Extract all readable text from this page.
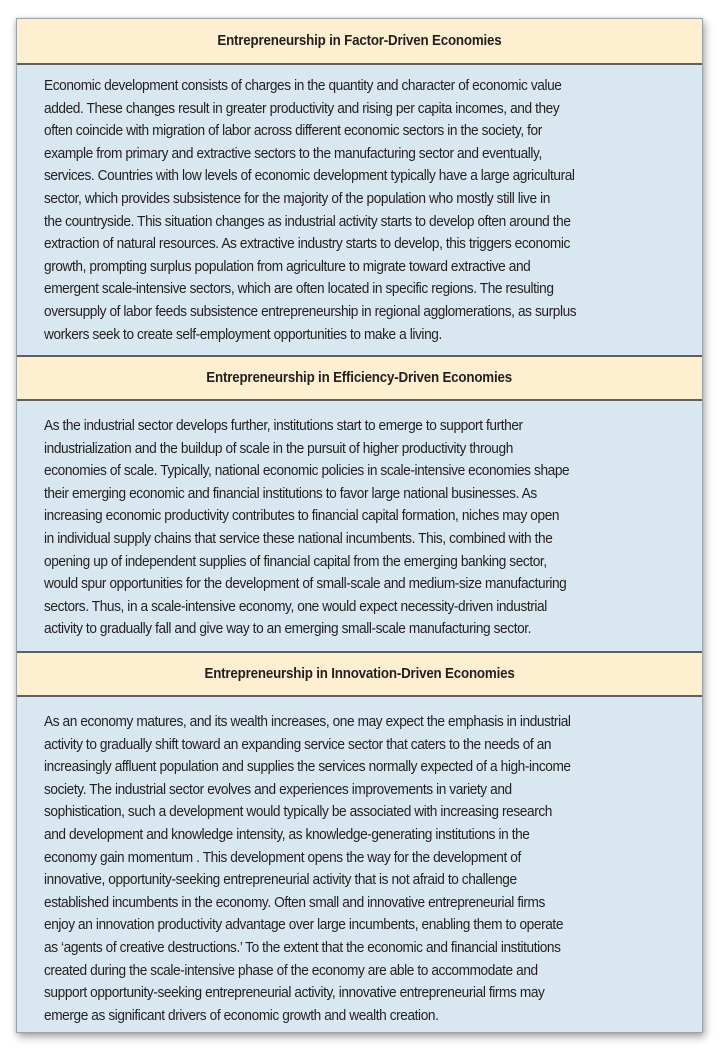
Entrepreneurship in Factor-Driven Economies

Economic development consists of charges in the quantity and character of economic value
added. These changes result in greater productivity and rising per capita incomes, and they
often coincide with migration of labor across different economic sectors in the society, for
example from primary and extractive sectors to the manufacturing sector and eventually,
services. Countries with low levels of economic development typically have a large agricultural
sector, which provides subsistence for the majority of the population who mostly still live in
the countryside. This situation changes as industrial activity starts to develop often around the
extraction of natural resources. As extractive industry starts to develop, this triggers economic
growth, prompting surplus population from agriculture to migrate toward extractive and
emergent scale-intensive sectors, which are often located in specific regions. The resulting
oversupply of labor feeds subsistence entrepreneurship in regional agglomerations, as surplus
workers seek to create self-employment opportunities to make a living.

Entrepreneurship in Efficiency-Driven Economies

As the industrial sector develops further, institutions start to emerge to support further
industrialization and the buildup of scale in the pursuit of higher productivity through
economies of scale. Typically, national economic policies in scale-intensive economies shape
their emerging economic and financial institutions to favor large national businesses. As
increasing economic productivity contributes to financial capital formation, niches may open
in individual supply chains that service these national incumbents. This, combined with the
opening up of independent supplies of financial capital from the emerging banking sector,
would spur opportunities for the development of small-scale and medium-size manufacturing
sectors. Thus, in a scale-intensive economy, one would expect necessity-driven industrial
activity to gradually fall and give way to an emerging small-scale manufacturing sector.

Entrepreneurship in Innovation-Driven Economies

As an economy matures, and its wealth increases, one may expect the emphasis in industrial
activity to gradually shift toward an expanding service sector that caters to the needs of an
increasingly affluent population and supplies the services normally expected of a high-income
society. The industrial sector evolves and experiences improvements in variety and
sophistication, such a development would typically be associated with increasing research
and development and knowledge intensity, as knowledge-generating institutions in the
economy gain momentum . This development opens the way for the development of
innovative, opportunity-seeking entrepreneurial activity that is not afraid to challenge
established incumbents in the economy. Often small and innovative entrepreneurial firms
enjoy an innovation productivity advantage over large incumbents, enabling them to operate
as ‘agents of creative destructions.’ To the extent that the economic and financial institutions
created during the scale-intensive phase of the economy are able to accommodate and
support opportunity-seeking entrepreneurial activity, innovative entrepreneurial firms may
emerge as significant drivers of economic growth and wealth creation.
